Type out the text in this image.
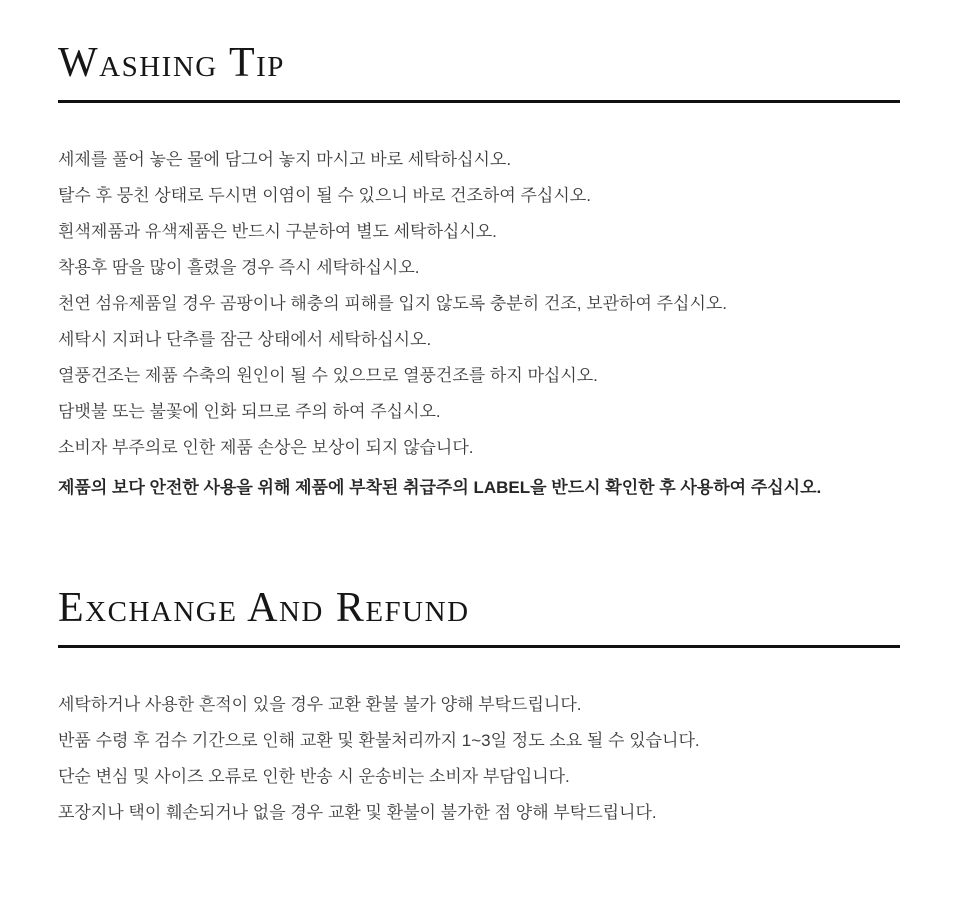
Washing Tip

세제를 풀어 놓은 물에 담그어 놓지 마시고 바로 세탁하십시오.

탈수 후 뭉친 상태로 두시면 이염이 될 수 있으니 바로 건조하여 주십시오.

흰색제품과 유색제품은 반드시 구분하여 별도 세탁하십시오.

착용후 땀을 많이 흘렸을 경우 즉시 세탁하십시오.

천연 섬유제품일 경우 곰팡이나 해충의 피해를 입지 않도록 충분히 건조, 보관하여 주십시오.

세탁시 지퍼나 단추를 잠근 상태에서 세탁하십시오.

열풍건조는 제품 수축의 원인이 될 수 있으므로 열풍건조를 하지 마십시오.

담뱃불 또는 불꽃에 인화 되므로 주의 하여 주십시오.

소비자 부주의로 인한 제품 손상은 보상이 되지 않습니다.

제품의 보다 안전한 사용을 위해 제품에 부착된 취급주의 LABEL을 반드시 확인한 후 사용하여 주십시오.

Exchange And Refund

세탁하거나 사용한 흔적이 있을 경우 교환 환불 불가 양해 부탁드립니다.

반품 수령 후 검수 기간으로 인해 교환 및 환불처리까지 1~3일 정도 소요 될 수 있습니다.

단순 변심 및 사이즈 오류로 인한 반송 시 운송비는 소비자 부담입니다.

포장지나 택이 훼손되거나 없을 경우 교환 및 환불이 불가한 점 양해 부탁드립니다.
